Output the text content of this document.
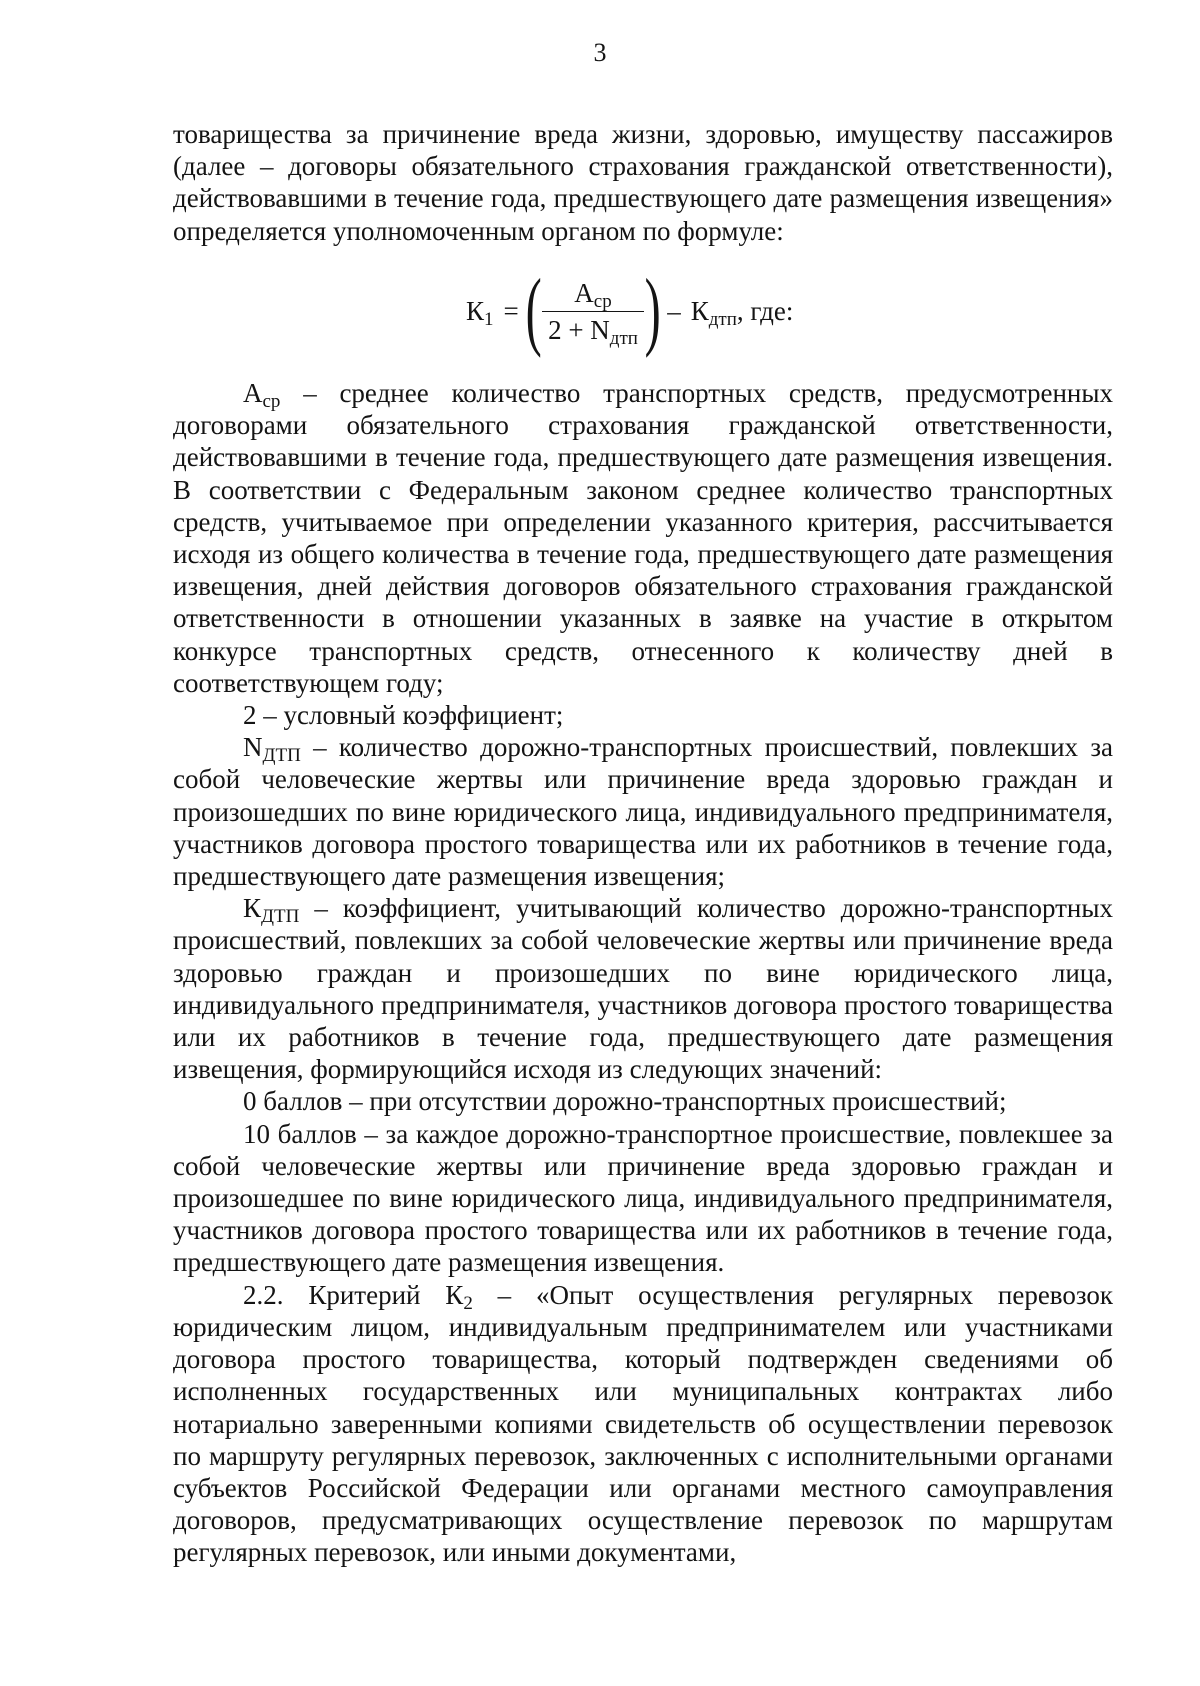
3

товарищества за причинение вреда жизни, здоровью, имуществу пассажиров (далее – договоры обязательного страхования гражданской ответственности), действовавшими в течение года, предшествующего дате размещения извещения» определяется уполномоченным органом по формуле:

$К_1$ = ( $\frac{А_{ср}}{2 + N_{дтп}}$ ) – $К_{дтп}$ , где:

$А_{ср}$ – среднее количество транспортных средств, предусмотренных договорами обязательного страхования гражданской ответственности, действовавшими в течение года, предшествующего дате размещения извещения. В соответствии с Федеральным законом среднее количество транспортных средств, учитываемое при определении указанного критерия, рассчитывается исходя из общего количества в течение года, предшествующего дате размещения извещения, дней действия договоров обязательного страхования гражданской ответственности в отношении указанных в заявке на участие в открытом конкурсе транспортных средств, отнесенного к количеству дней в соответствующем году;

2 – условный коэффициент;

$N_{ДТП}$ – количество дорожно-транспортных происшествий, повлекших за собой человеческие жертвы или причинение вреда здоровью граждан и произошедших по вине юридического лица, индивидуального предпринимателя, участников договора простого товарищества или их работников в течение года, предшествующего дате размещения извещения;

$К_{ДТП}$ – коэффициент, учитывающий количество дорожно-транспортных происшествий, повлекших за собой человеческие жертвы или причинение вреда здоровью граждан и произошедших по вине юридического лица, индивидуального предпринимателя, участников договора простого товарищества или их работников в течение года, предшествующего дате размещения извещения, формирующийся исходя из следующих значений:

0 баллов – при отсутствии дорожно-транспортных происшествий;

10 баллов – за каждое дорожно-транспортное происшествие, повлекшее за собой человеческие жертвы или причинение вреда здоровью граждан и произошедшее по вине юридического лица, индивидуального предпринимателя, участников договора простого товарищества или их работников в течение года, предшествующего дате размещения извещения.

2.2. Критерий $К_2$ – «Опыт осуществления регулярных перевозок юридическим лицом, индивидуальным предпринимателем или участниками договора простого товарищества, который подтвержден сведениями об исполненных государственных или муниципальных контрактах либо нотариально заверенными копиями свидетельств об осуществлении перевозок по маршруту регулярных перевозок, заключенных с исполнительными органами субъектов Российской Федерации или органами местного самоуправления договоров, предусматривающих осуществление перевозок по маршрутам регулярных перевозок, или иными документами,
